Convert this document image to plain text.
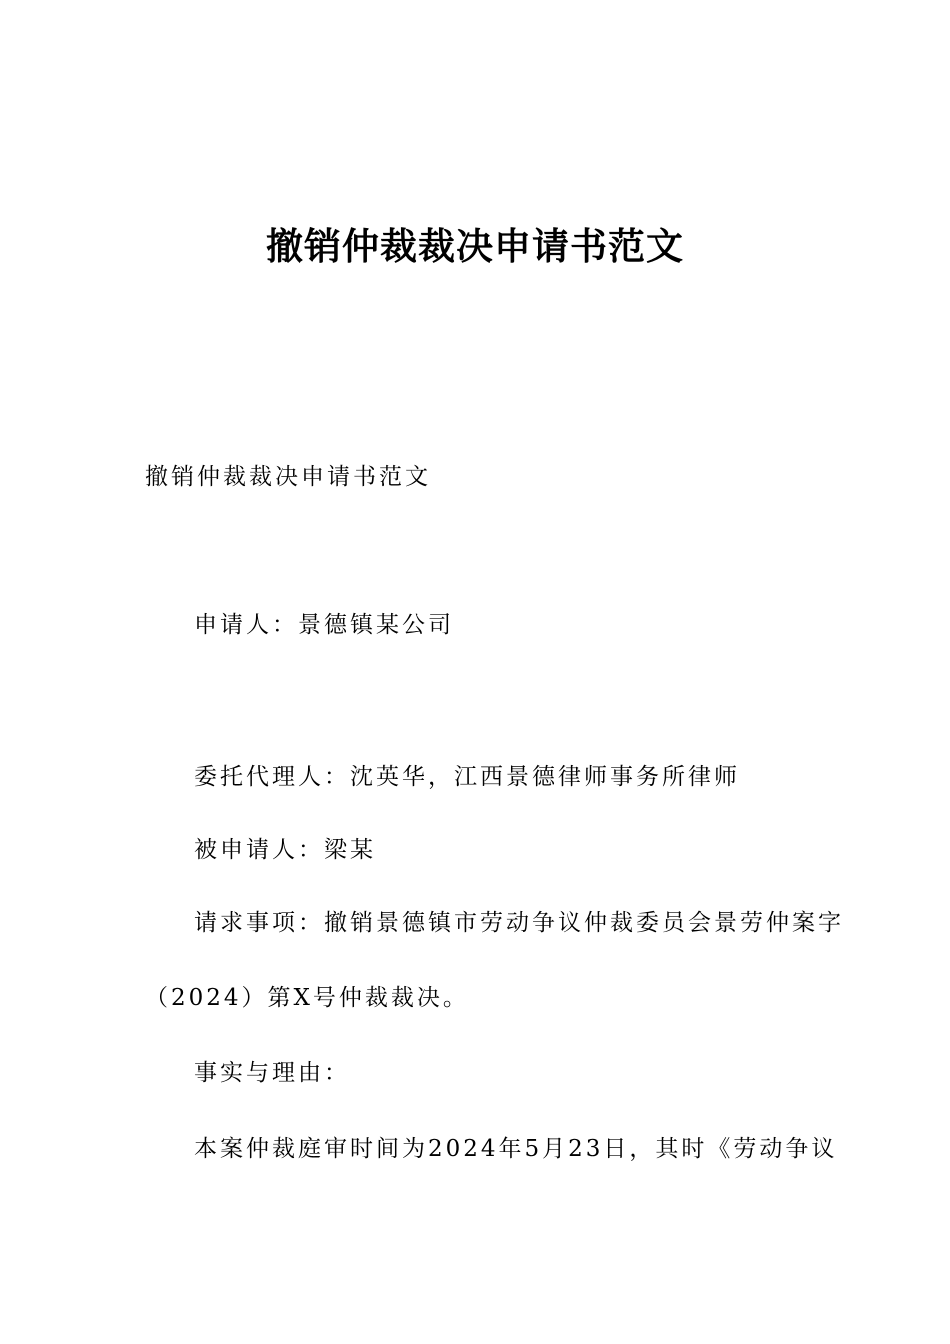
撤销仲裁裁决申请书范文

撤销仲裁裁决申请书范文

申请人：景德镇某公司

委托代理人：沈英华，江西景德律师事务所律师

被申请人：梁某

请求事项：撤销景德镇市劳动争议仲裁委员会景劳仲案字

（2024）第X号仲裁裁决。

事实与理由：

本案仲裁庭审时间为2024年5月23日，其时《劳动争议
